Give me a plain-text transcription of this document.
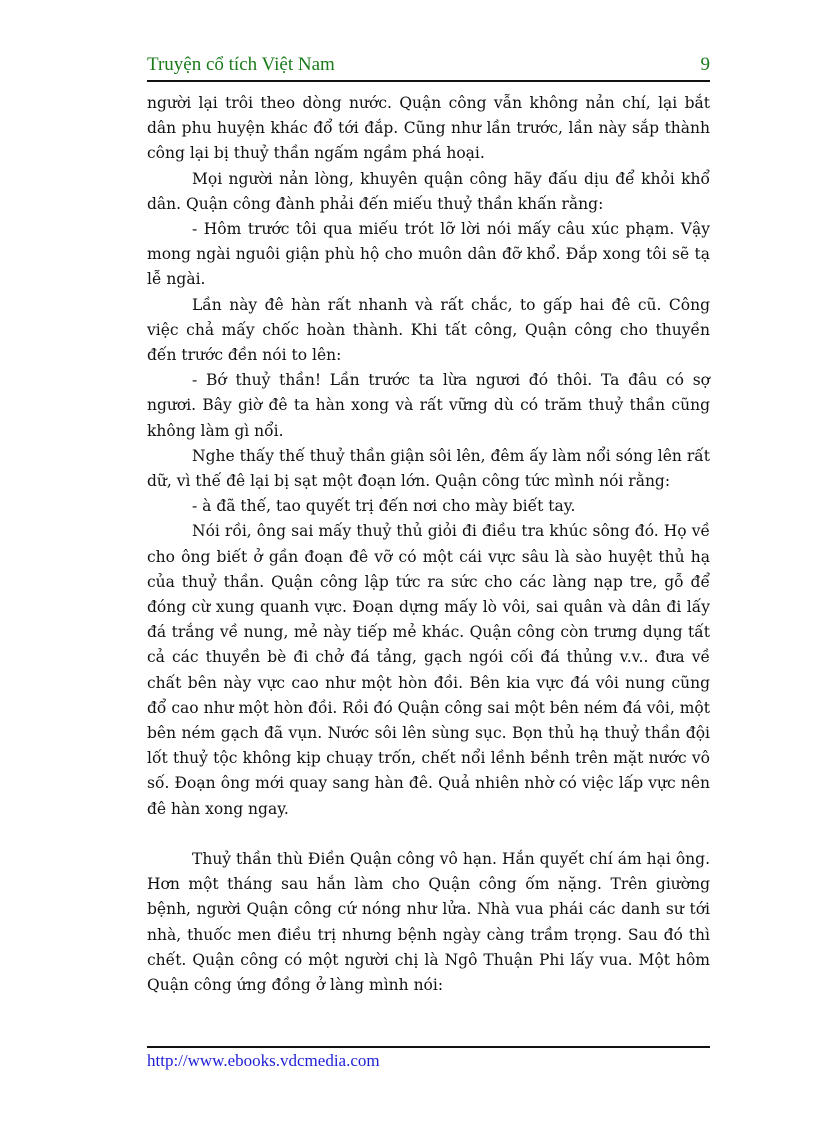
Truyện cổ tích Việt Nam	9

người lại trôi theo dòng nước. Quận công vẫn không nản chí, lại bắt dân phu huyện khác đổ tới đắp. Cũng như lần trước, lần này sắp thành công lại bị thuỷ thần ngấm ngầm phá hoại.

Mọi người nản lòng, khuyên quận công hãy đấu dịu để khỏi khổ dân. Quận công đành phải đến miếu thuỷ thần khấn rằng:

- Hôm trước tôi qua miếu trót lỡ lời nói mấy câu xúc phạm. Vậy mong ngài nguôi giận phù hộ cho muôn dân đỡ khổ. Đắp xong tôi sẽ tạ lễ ngài.

Lần này đê hàn rất nhanh và rất chắc, to gấp hai đê cũ. Công việc chả mấy chốc hoàn thành. Khi tất công, Quận công cho thuyền đến trước đền nói to lên:

- Bớ thuỷ thần! Lần trước ta lừa ngươi đó thôi. Ta đâu có sợ ngươi. Bây giờ đê ta hàn xong và rất vững dù có trăm thuỷ thần cũng không làm gì nổi.

Nghe thấy thế thuỷ thần giận sôi lên, đêm ấy làm nổi sóng lên rất dữ, vì thế đê lại bị sạt một đoạn lớn. Quận công tức mình nói rằng:

- à đã thế, tao quyết trị đến nơi cho mày biết tay.

Nói rồi, ông sai mấy thuỷ thủ giỏi đi điều tra khúc sông đó. Họ về cho ông biết ở gần đoạn đê vỡ có một cái vực sâu là sào huyệt thủ hạ của thuỷ thần. Quận công lập tức ra sức cho các làng nạp tre, gỗ để đóng cừ xung quanh vực. Đoạn dựng mấy lò vôi, sai quân và dân đi lấy đá trắng về nung, mẻ này tiếp mẻ khác. Quận công còn trưng dụng tất cả các thuyền bè đi chở đá tảng, gạch ngói cối đá thủng v.v.. đưa về chất bên này vực cao như một hòn đồi. Bên kia vực đá vôi nung cũng đổ cao như một hòn đồi. Rồi đó Quận công sai một bên ném đá vôi, một bên ném gạch đã vụn. Nước sôi lên sùng sục. Bọn thủ hạ thuỷ thần đội lốt thuỷ tộc không kịp chuạy trốn, chết nổi lềnh bềnh trên mặt nước vô số. Đoạn ông mới quay sang hàn đê. Quả nhiên nhờ có việc lấp vực nên đê hàn xong ngay.

Thuỷ thần thù Điền Quận công vô hạn. Hắn quyết chí ám hại ông. Hơn một tháng sau hắn làm cho Quận công ốm nặng. Trên giường bệnh, người Quận công cứ nóng như lửa. Nhà vua phái các danh sư tới nhà, thuốc men điều trị nhưng bệnh ngày càng trầm trọng. Sau đó thì chết. Quận công có một người chị là Ngô Thuận Phi lấy vua. Một hôm Quận công ứng đồng ở làng mình nói:

http://www.ebooks.vdcmedia.com
